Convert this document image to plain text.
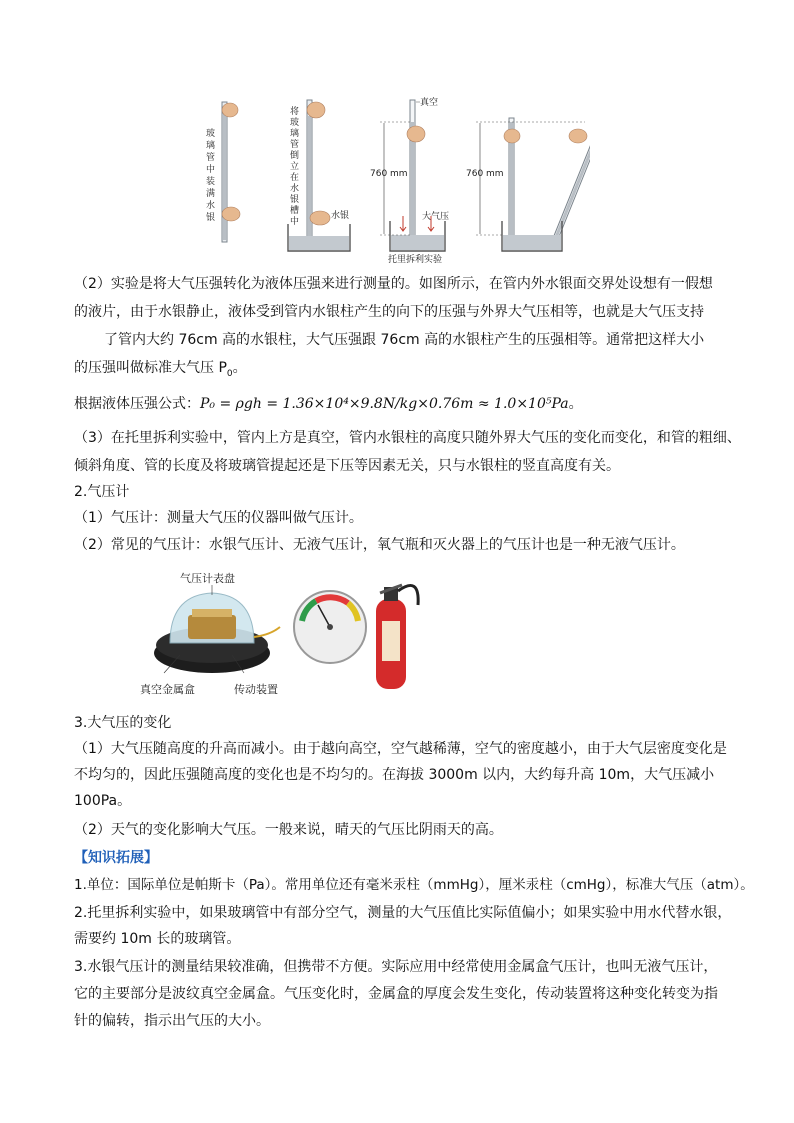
玻
璃
管
中
装
满
水
银	水银
将
玻
璃
管
倒
立
在
水
银
槽
中
760 mm
真空
大气压
托里拆利实验
760 mm
（2）实验是将大气压强转化为液体压强来进行测量的。如图所示，在管内外水银面交界处设想有一假想
的液片，由于水银静止，液体受到管内水银柱产生的向下的压强与外界大气压相等，也就是大气压支持
了管内大约 76cm 高的水银柱，大气压强跟 76cm 高的水银柱产生的压强相等。通常把这样大小
的压强叫做标准大气压 $P_0$。
根据液体压强公式：P₀ = ρgh = 1.36×10⁴×9.8N/kg×0.76m ≈ 1.0×10⁵Pa。
（3）在托里拆利实验中，管内上方是真空，管内水银柱的高度只随外界大气压的变化而变化，和管的粗细、
倾斜角度、管的长度及将玻璃管提起还是下压等因素无关，只与水银柱的竖直高度有关。
2.气压计
（1）气压计：测量大气压的仪器叫做气压计。
（2）常见的气压计：水银气压计、无液气压计，氧气瓶和灭火器上的气压计也是一种无液气压计。
气压计表盘
真空金属盒	传动装置
3.大气压的变化
（1）大气压随高度的升高而减小。由于越向高空，空气越稀薄，空气的密度越小，由于大气层密度变化是
不均匀的，因此压强随高度的变化也是不均匀的。在海拔 3000m 以内，大约每升高 10m，大气压减小
100Pa。
（2）天气的变化影响大气压。一般来说，晴天的气压比阴雨天的高。
【知识拓展】
1.单位：国际单位是帕斯卡（Pa）。常用单位还有毫米汞柱（mmHg），厘米汞柱（cmHg），标准大气压（atm）。
2.托里拆利实验中，如果玻璃管中有部分空气，测量的大气压值比实际值偏小；如果实验中用水代替水银，
需要约 10m 长的玻璃管。
3.水银气压计的测量结果较准确，但携带不方便。实际应用中经常使用金属盒气压计，也叫无液气压计，
它的主要部分是波纹真空金属盒。气压变化时，金属盒的厚度会发生变化，传动装置将这种变化转变为指
针的偏转，指示出气压的大小。
